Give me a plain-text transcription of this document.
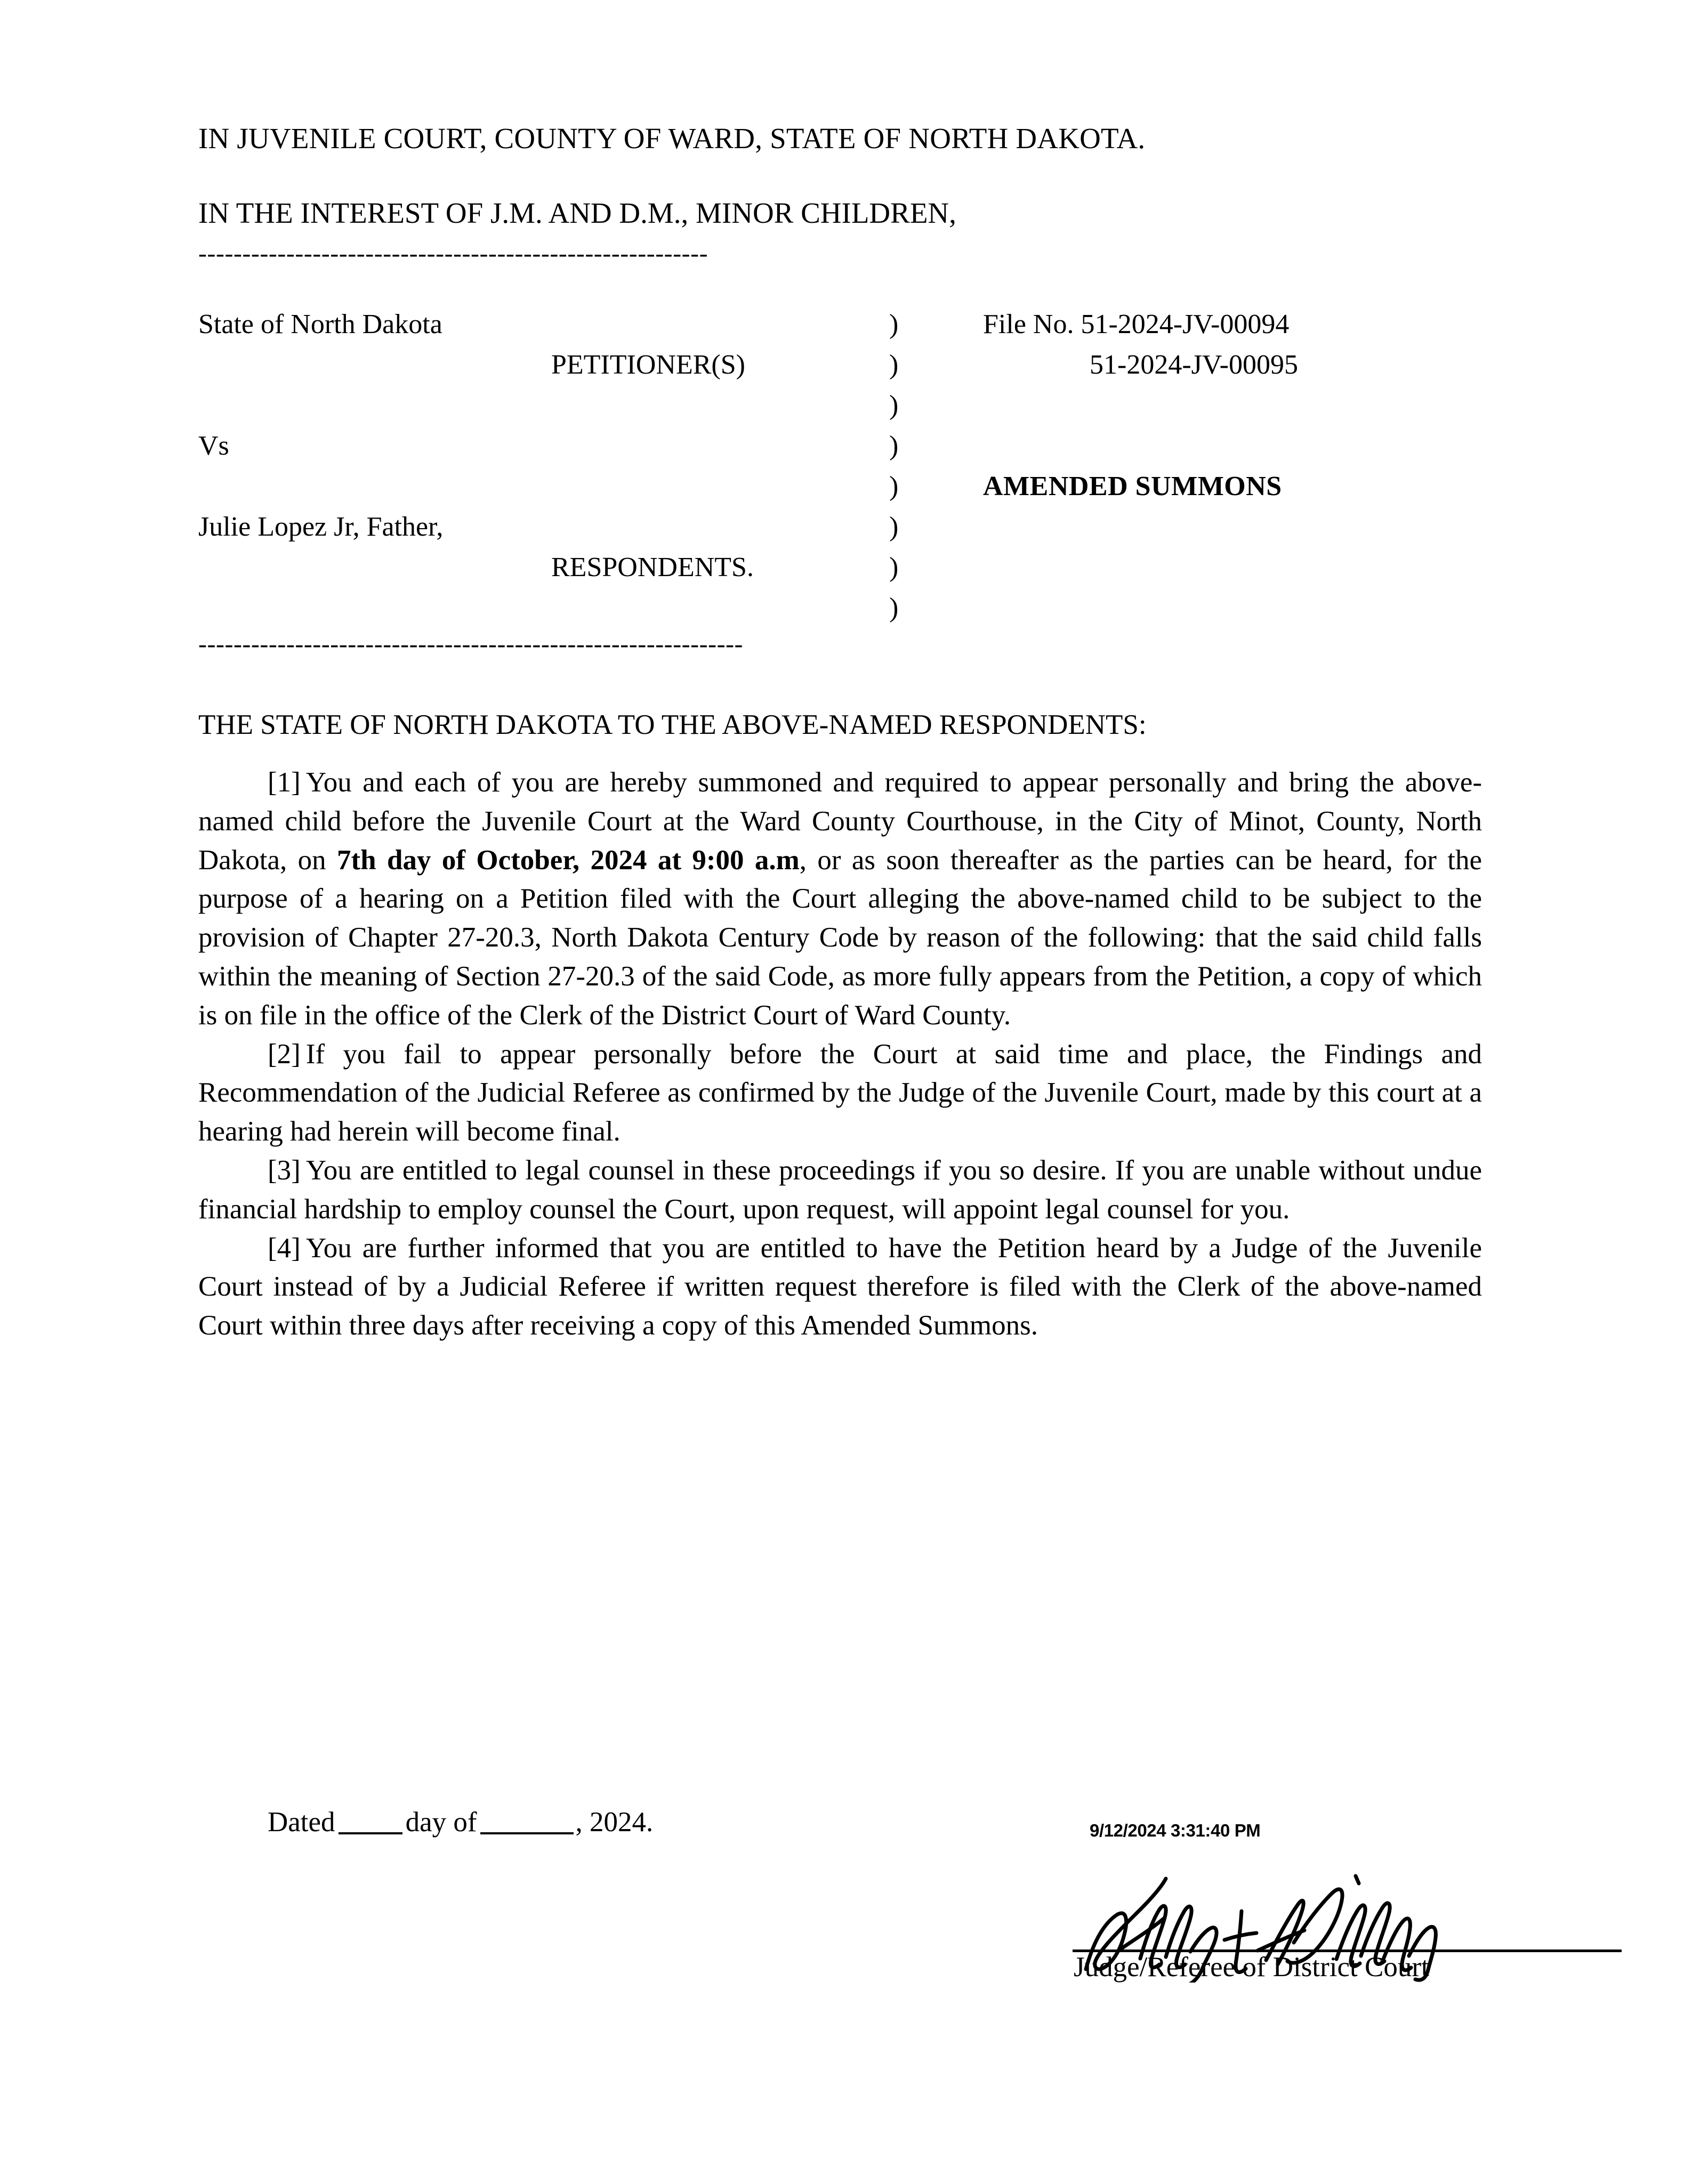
IN JUVENILE COURT, COUNTY OF WARD, STATE OF NORTH DAKOTA.
IN THE INTEREST OF J.M. AND D.M., MINOR CHILDREN,
----------------------------------------------------------
State of North Dakota
PETITIONER(S)
Vs
Julie Lopez Jr, Father,
RESPONDENTS.
)
)
)
)
)
)
)
)
File No. 51-2024-JV-00094
51-2024-JV-00095
AMENDED SUMMONS
--------------------------------------------------------------
THE STATE OF NORTH DAKOTA TO THE ABOVE-NAMED RESPONDENTS:

[1] You and each of you are hereby summoned and required to appear personally and bring the above-named child before the Juvenile Court at the Ward County Courthouse, in the City of Minot, County, North Dakota, on 7th day of October, 2024 at 9:00 a.m, or as soon thereafter as the parties can be heard, for the purpose of a hearing on a Petition filed with the Court alleging the above-named child to be subject to the provision of Chapter 27-20.3, North Dakota Century Code by reason of the following: that the said child falls within the meaning of Section 27-20.3 of the said Code, as more fully appears from the Petition, a copy of which is on file in the office of the Clerk of the District Court of Ward County.

[2] If you fail to appear personally before the Court at said time and place, the Findings and Recommendation of the Judicial Referee as confirmed by the Judge of the Juvenile Court, made by this court at a hearing had herein will become final.

[3] You are entitled to legal counsel in these proceedings if you so desire. If you are unable without undue financial hardship to employ counsel the Court, upon request, will appoint legal counsel for you.

[4] You are further informed that you are entitled to have the Petition heard by a Judge of the Juvenile Court instead of by a Judicial Referee if written request therefore is filed with the Clerk of the above-named Court within three days after receiving a copy of this Amended Summons.

Dated day of	, 2024.	9/12/2024 3:31:40 PM
Judge/Referee of District Court
